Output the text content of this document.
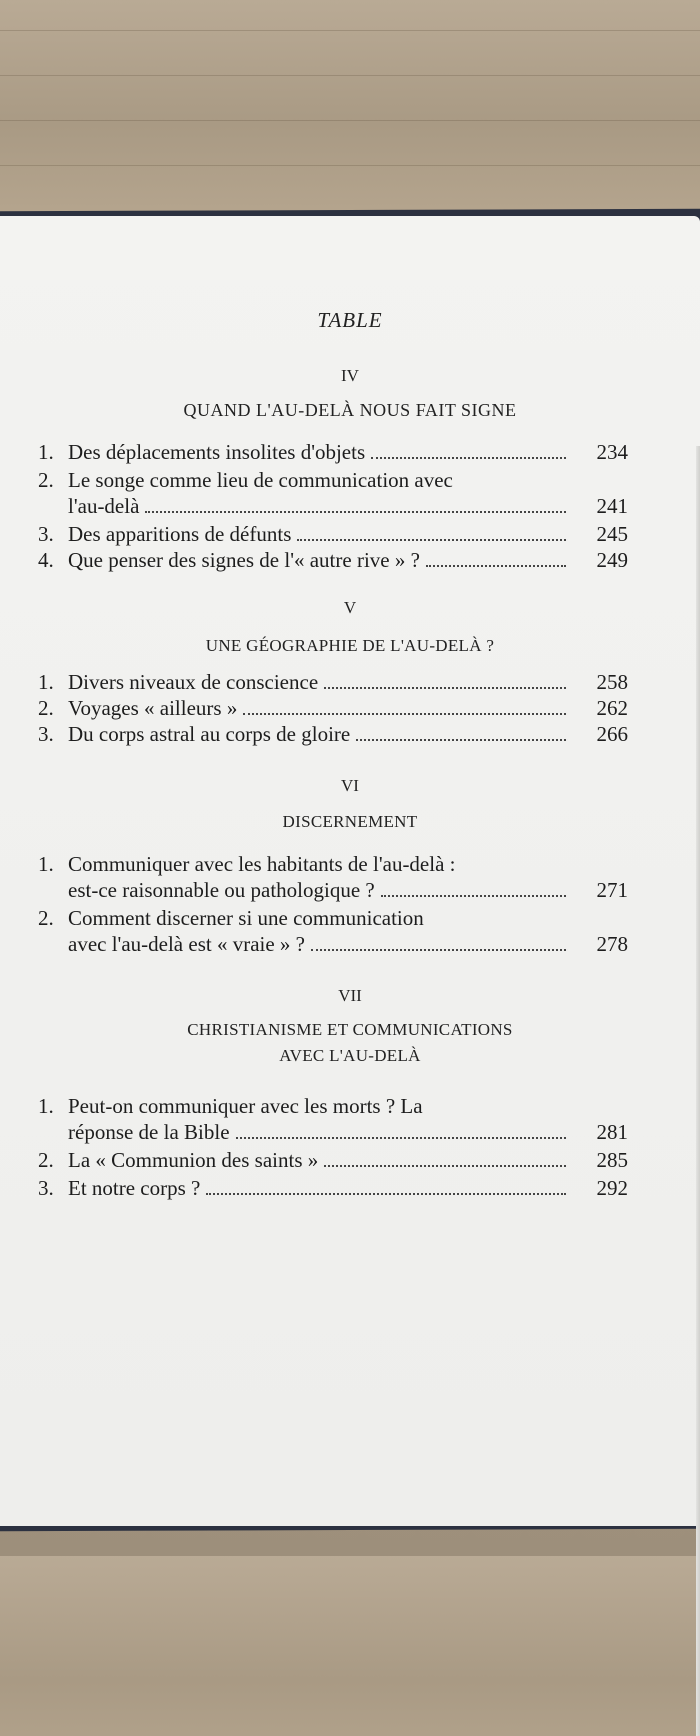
TABLE
IV
QUAND L'AU-DELÀ NOUS FAIT SIGNE
1. Des déplacements insolites d'objets	234
2. Le songe comme lieu de communication avec
l'au-delà	241
3. Des apparitions de défunts	245
4. Que penser des signes de l'« autre rive » ?	249
V
UNE GÉOGRAPHIE DE L'AU-DELÀ ?
1. Divers niveaux de conscience	258
2. Voyages « ailleurs »	262
3. Du corps astral au corps de gloire	266
VI
DISCERNEMENT
1. Communiquer avec les habitants de l'au-delà :
est-ce raisonnable ou pathologique ?	271
2. Comment discerner si une communication
avec l'au-delà est « vraie » ?	278
VII
CHRISTIANISME ET COMMUNICATIONS
AVEC L'AU-DELÀ
1. Peut-on communiquer avec les morts ? La
réponse de la Bible	281
2. La « Communion des saints »	285
3. Et notre corps ?	292
